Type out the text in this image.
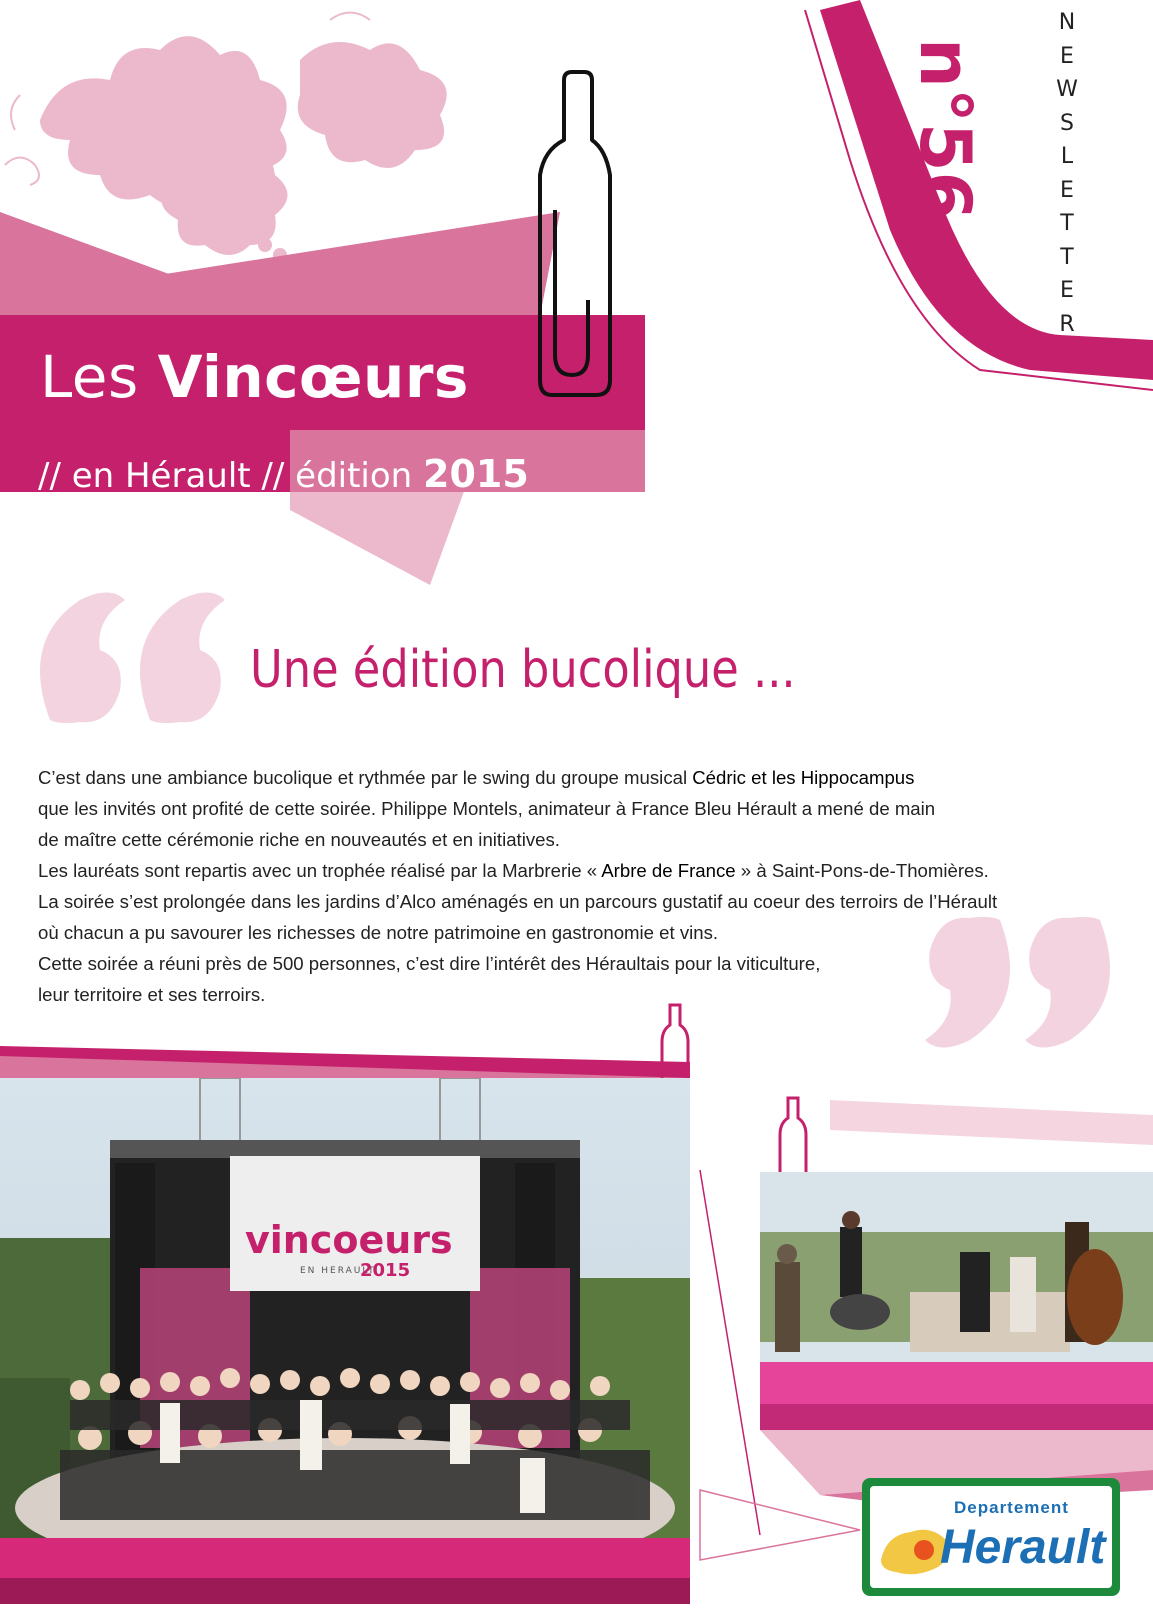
Les Vincœurs
// en Hérault // édition 2015
n°56
N
E
W
S
L
E
T
T
E
R
Une édition bucolique ...

C’est dans une ambiance bucolique et rythmée par le swing du groupe musical Cédric et les Hippocampus

que les invités ont profité de cette soirée. Philippe Montels, animateur à France Bleu Hérault a mené de main

de maître cette cérémonie riche en nouveautés et en initiatives.

Les lauréats sont repartis avec un trophée réalisé par la Marbrerie « Arbre de France » à Saint-Pons-de-Thomières.

La soirée s’est prolongée dans les jardins d’Alco aménagés en un parcours gustatif au coeur des terroirs de l’Hérault

où chacun a pu savourer les richesses de notre patrimoine en gastronomie et vins.

Cette soirée a réuni près de 500 personnes, c’est dire l’intérêt des Héraultais pour la viticulture,

leur territoire et ses terroirs.

vincoeurs
EN HERAULT
2015
Departement
Herault
